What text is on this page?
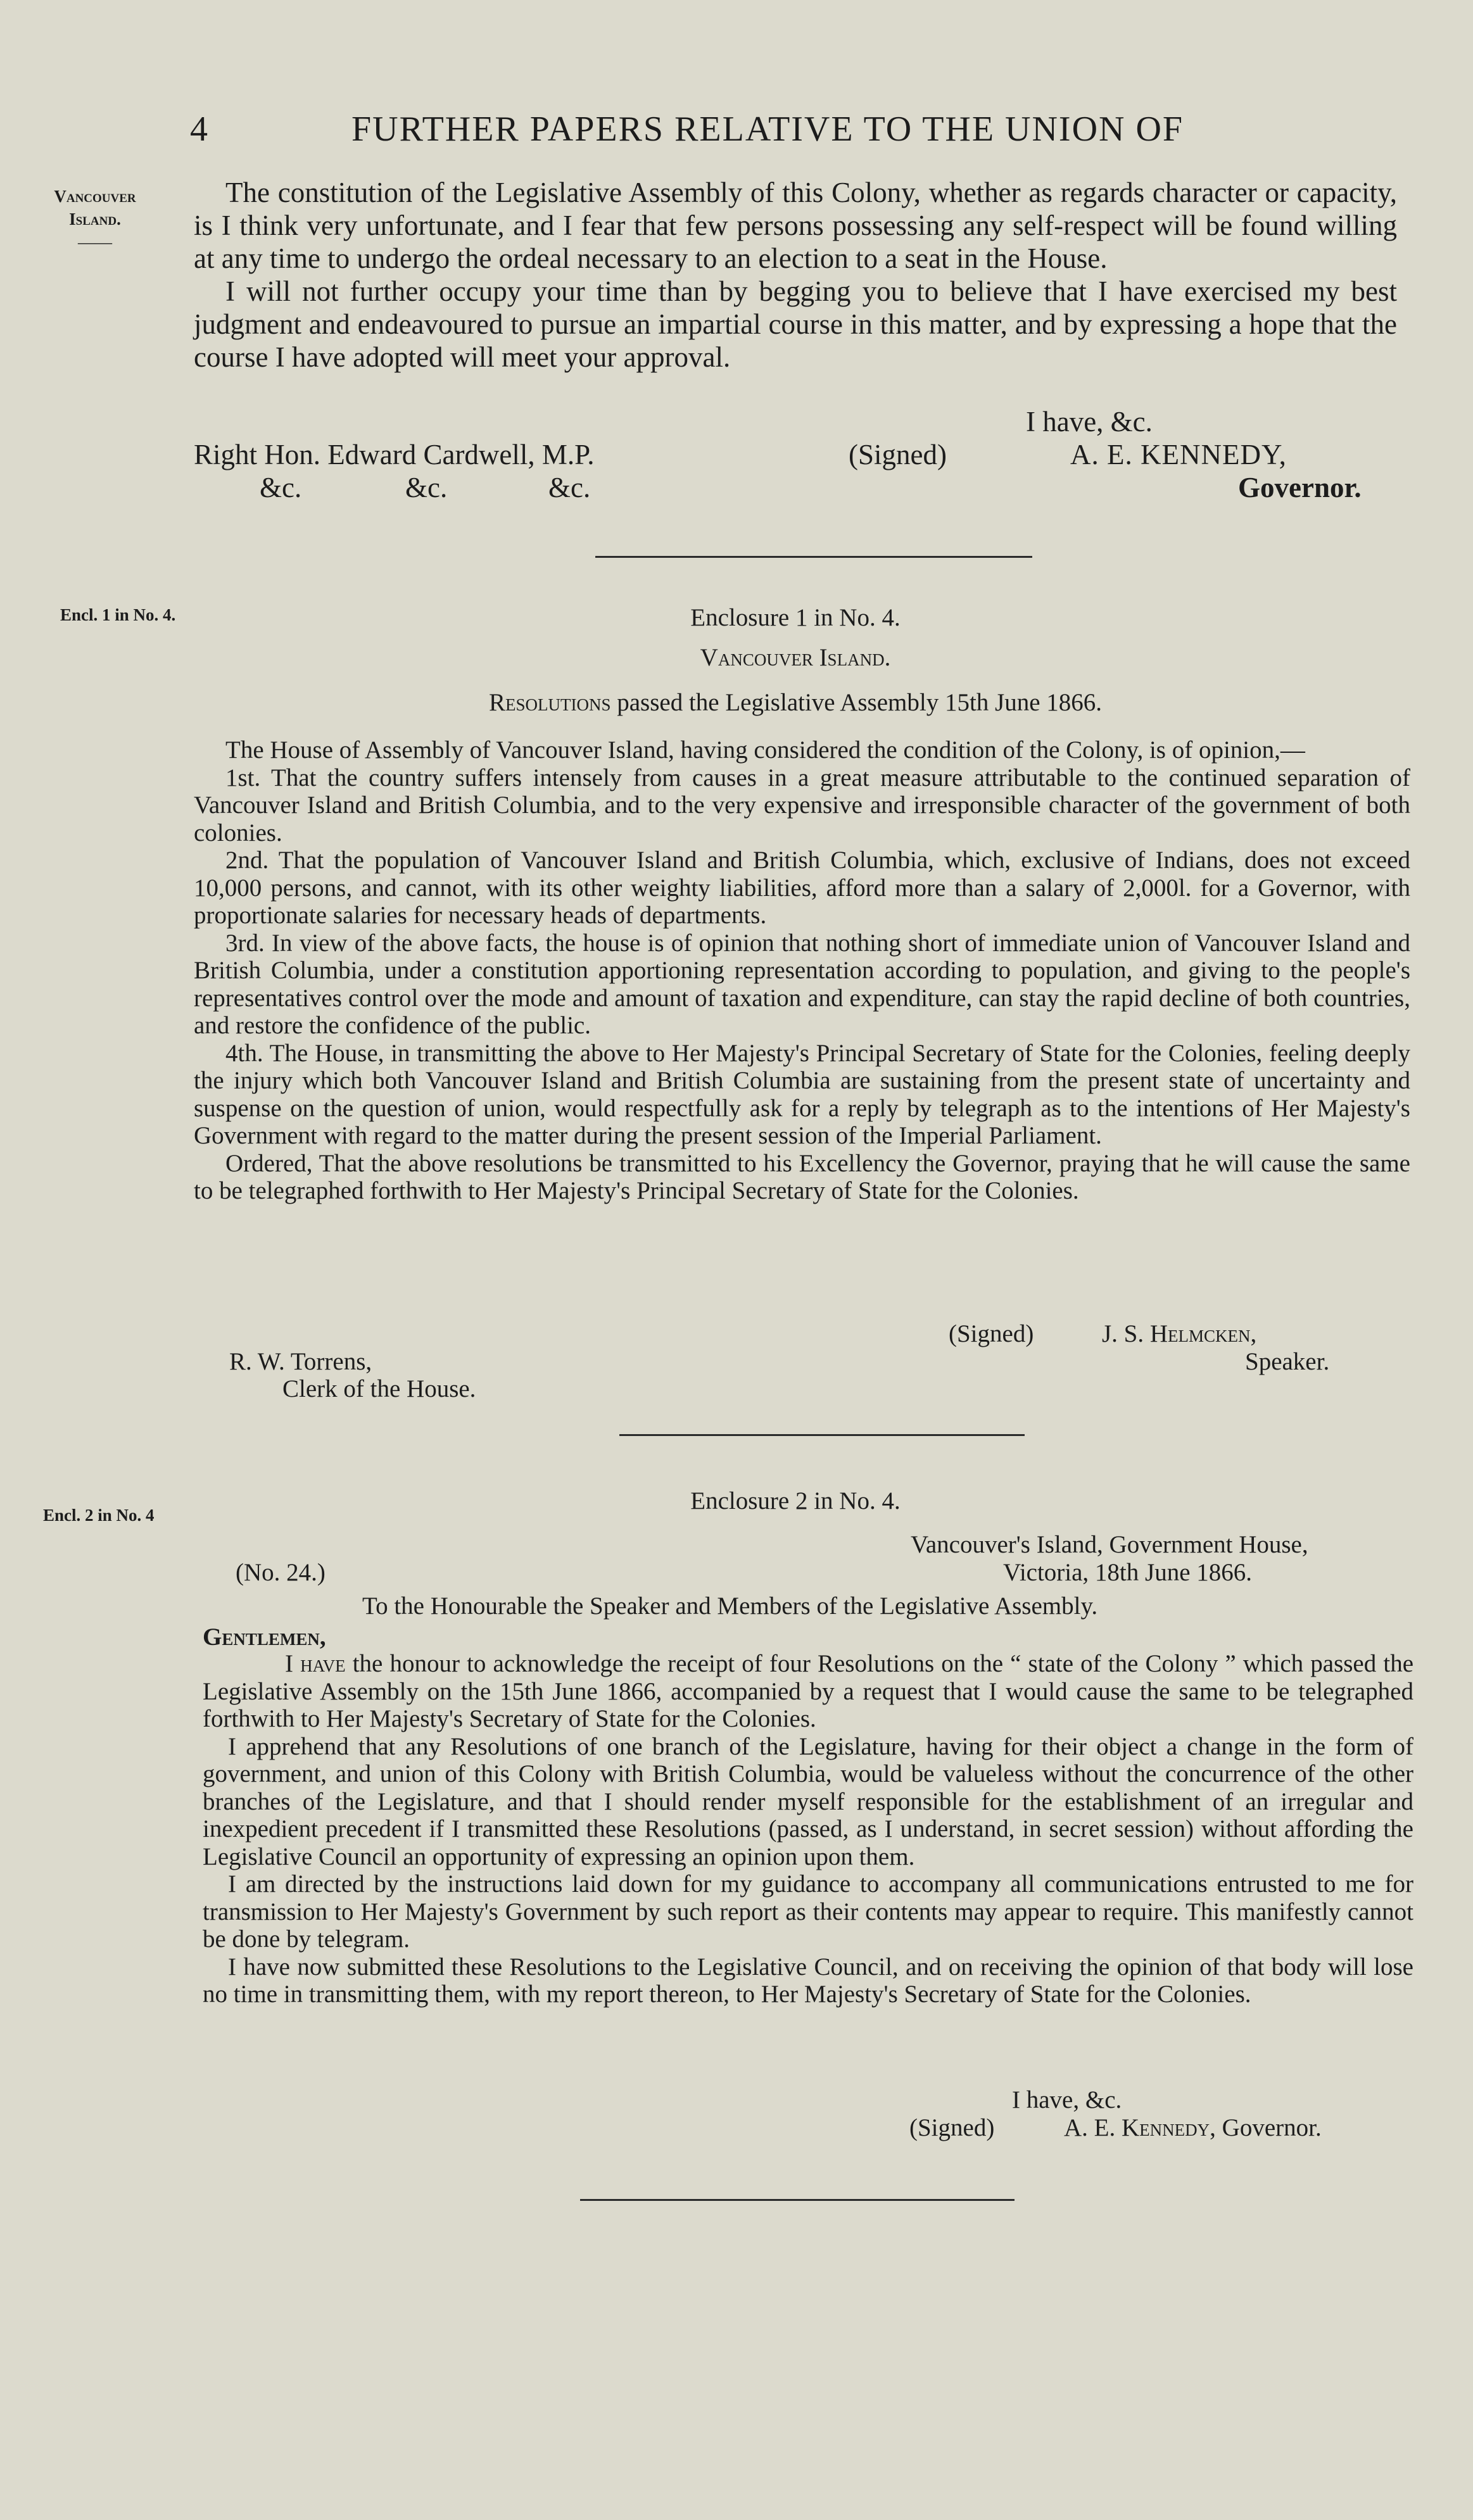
4	FURTHER PAPERS RELATIVE TO THE UNION OF
Vancouver
Island.
——
The constitution of the Legislative Assembly of this Colony, whether as regards character or capacity, is I think very unfortunate, and I fear that few persons possessing any self-respect will be found willing at any time to undergo the ordeal necessary to an election to a seat in the House.
I will not further occupy your time than by begging you to believe that I have exercised my best judgment and endeavoured to pursue an impartial course in this matter, and by expressing a hope that the course I have adopted will meet your approval.
I have, &c.
Right Hon. Edward Cardwell, M.P.	(Signed)	A. E. KENNEDY,
&c.	&c.	&c.	Governor.
Encl. 1 in No. 4.	Enclosure 1 in No. 4.
Vancouver Island.
Resolutions passed the Legislative Assembly 15th June 1866.
The House of Assembly of Vancouver Island, having considered the condition of the Colony, is of opinion,—
1st. That the country suffers intensely from causes in a great measure attributable to the continued separation of Vancouver Island and British Columbia, and to the very expensive and irresponsible character of the government of both colonies.
2nd. That the population of Vancouver Island and British Columbia, which, exclusive of Indians, does not exceed 10,000 persons, and cannot, with its other weighty liabilities, afford more than a salary of 2,000l. for a Governor, with proportionate salaries for necessary heads of departments.
3rd. In view of the above facts, the house is of opinion that nothing short of immediate union of Vancouver Island and British Columbia, under a constitution apportioning representation according to population, and giving to the people's representatives control over the mode and amount of taxation and expenditure, can stay the rapid decline of both countries, and restore the confidence of the public.
4th. The House, in transmitting the above to Her Majesty's Principal Secretary of State for the Colonies, feeling deeply the injury which both Vancouver Island and British Columbia are sustaining from the present state of uncertainty and suspense on the question of union, would respectfully ask for a reply by telegraph as to the intentions of Her Majesty's Government with regard to the matter during the present session of the Imperial Parliament.
Ordered, That the above resolutions be transmitted to his Excellency the Governor, praying that he will cause the same to be telegraphed forthwith to Her Majesty's Principal Secretary of State for the Colonies.
(Signed)	J. S. Helmcken,
Speaker.
R. W. Torrens,
Clerk of the House.
Encl. 2 in No. 4
Enclosure 2 in No. 4.
Vancouver's Island, Government House,
(No. 24.)	Victoria, 18th June 1866.
To the Honourable the Speaker and Members of the Legislative Assembly.
Gentlemen,
I have the honour to acknowledge the receipt of four Resolutions on the “ state of the Colony ” which passed the Legislative Assembly on the 15th June 1866, accompanied by a request that I would cause the same to be telegraphed forthwith to Her Majesty's Secretary of State for the Colonies.
I apprehend that any Resolutions of one branch of the Legislature, having for their object a change in the form of government, and union of this Colony with British Columbia, would be valueless without the concurrence of the other branches of the Legislature, and that I should render myself responsible for the establishment of an irregular and inexpedient precedent if I transmitted these Resolutions (passed, as I understand, in secret session) without affording the Legislative Council an opportunity of expressing an opinion upon them.
I am directed by the instructions laid down for my guidance to accompany all communications entrusted to me for transmission to Her Majesty's Government by such report as their contents may appear to require. This manifestly cannot be done by telegram.
I have now submitted these Resolutions to the Legislative Council, and on receiving the opinion of that body will lose no time in transmitting them, with my report thereon, to Her Majesty's Secretary of State for the Colonies.
I have, &c.
(Signed)	A. E. Kennedy, Governor.
